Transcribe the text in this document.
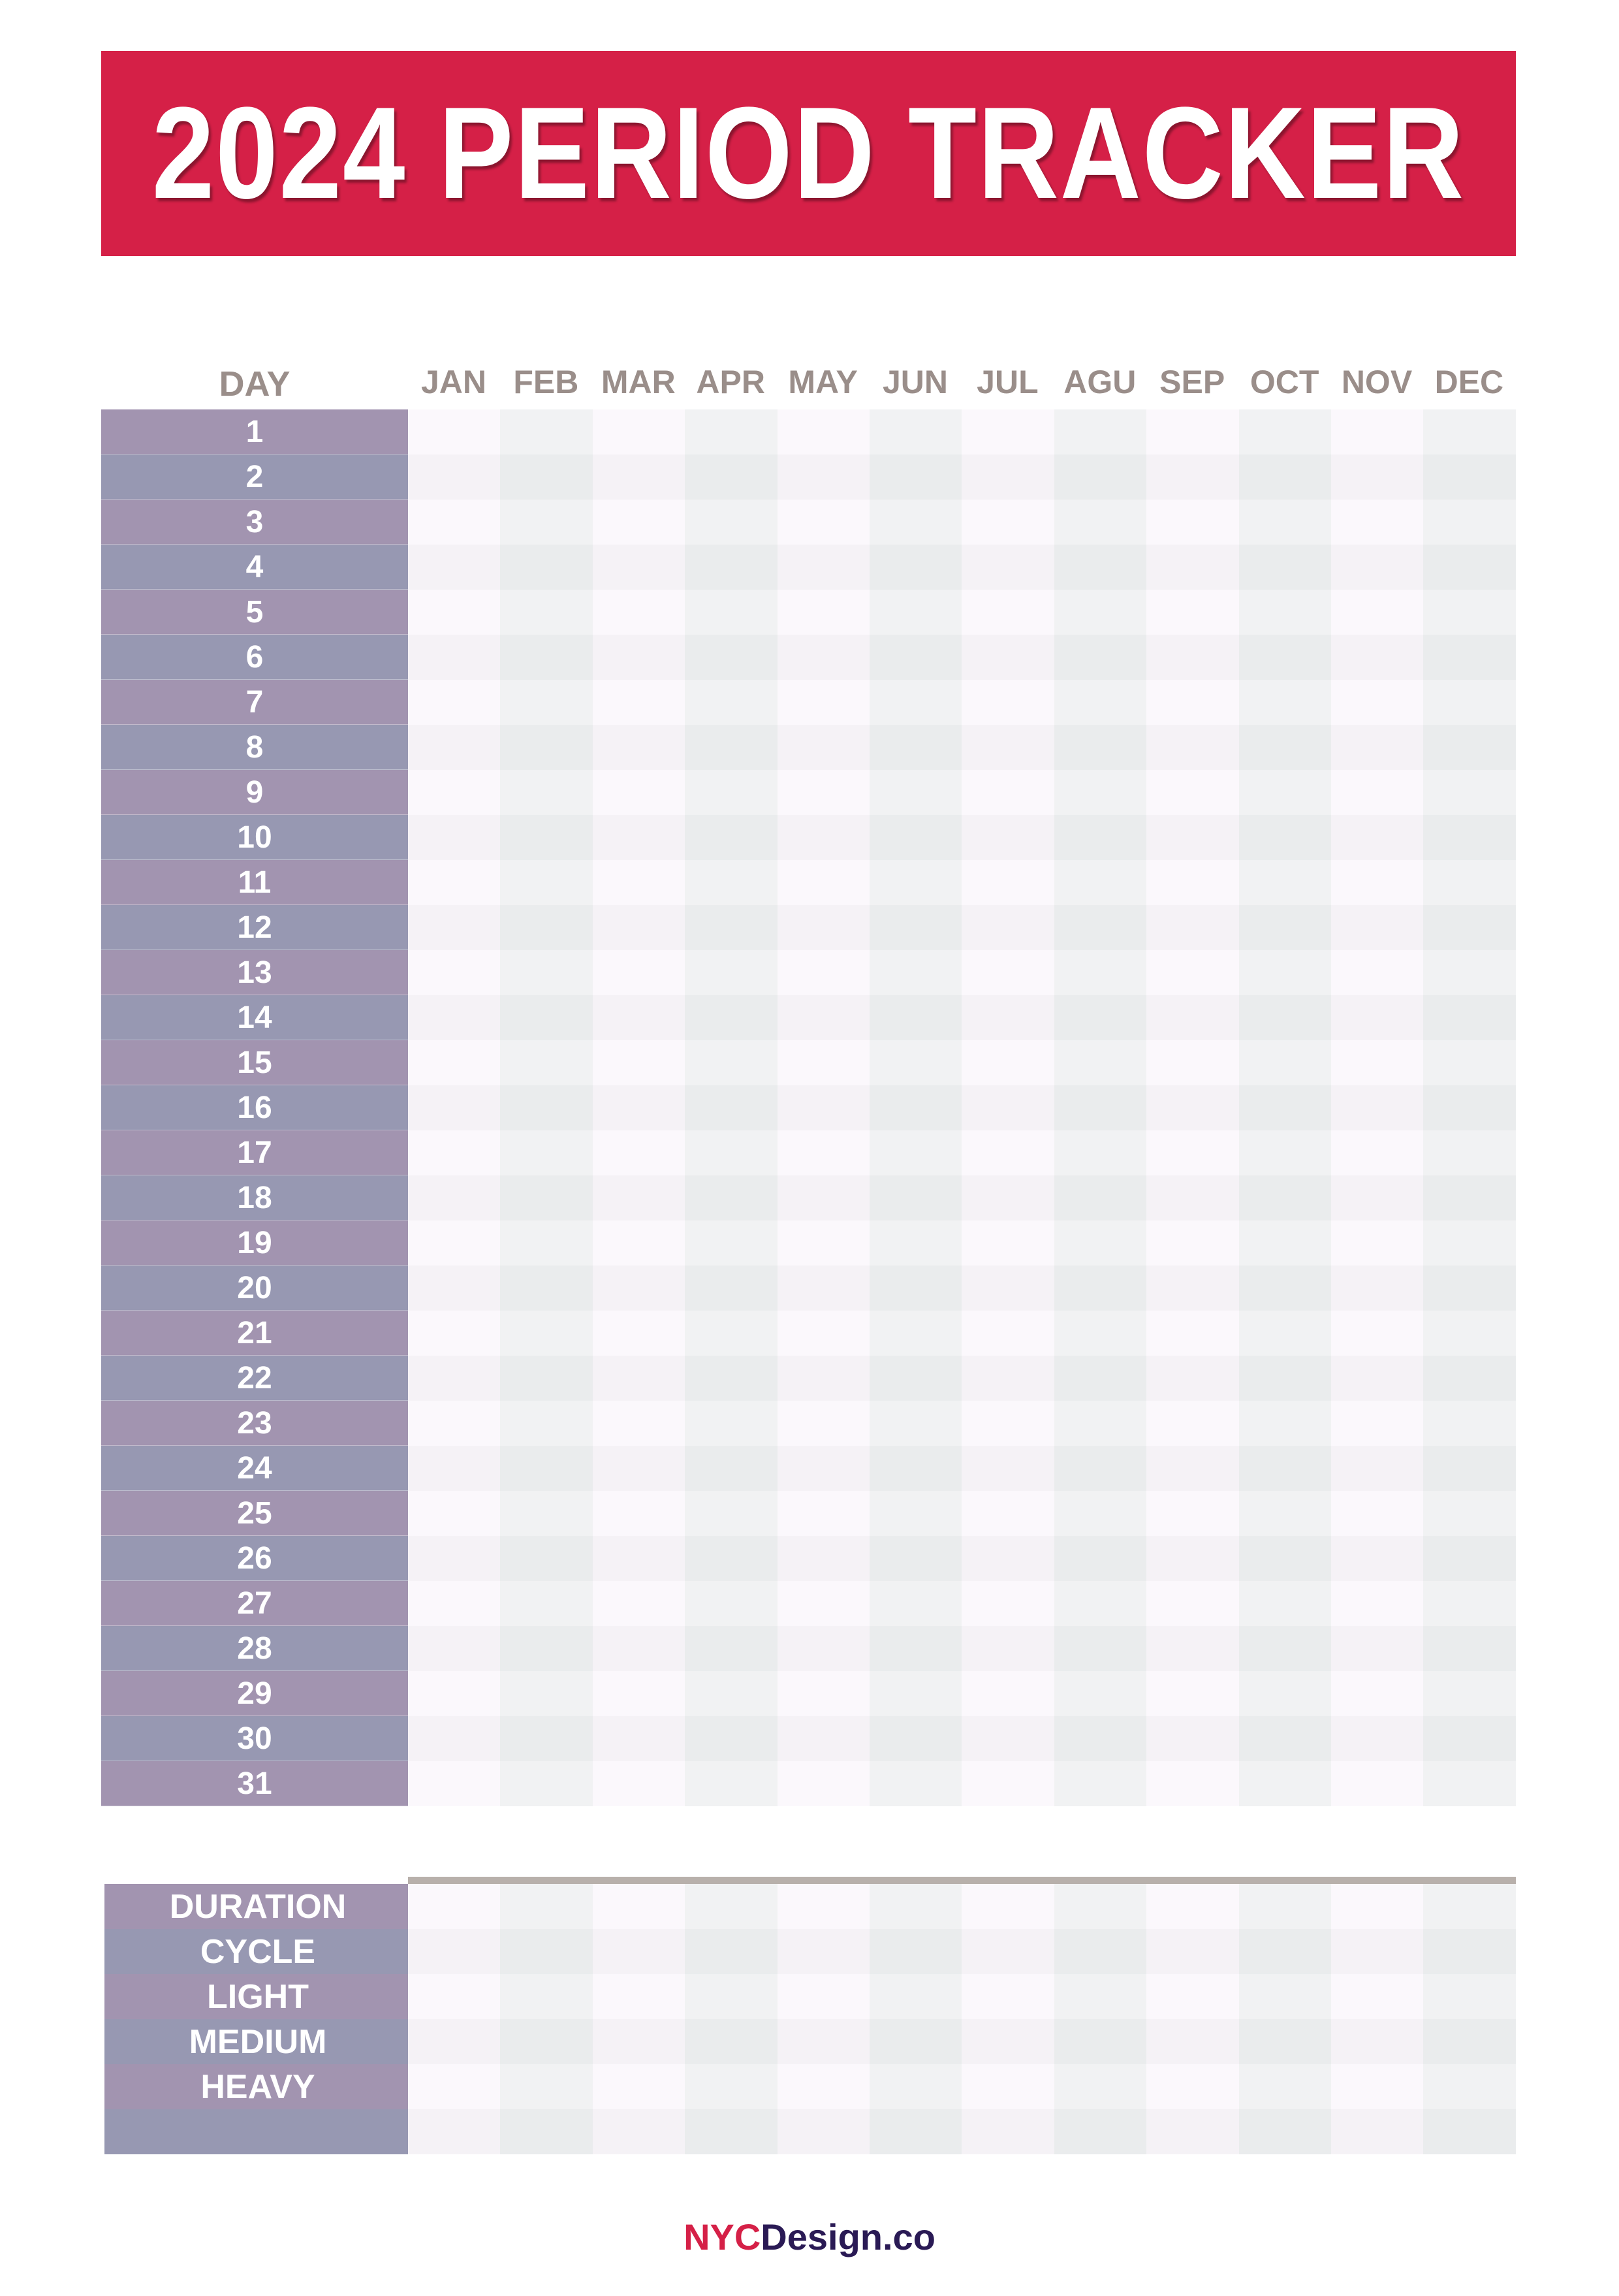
2024 PERIOD TRACKER
DAY	JAN FEB MAR APR MAY JUN JUL AGU SEP OCT NOV DEC
1
2
3
4
5
6
7
8
9
10
11
12
13
14
15
16
17
18
19
20
21
22
23
24
25
26
27
28
29
30
31
DURATION
CYCLE
LIGHT
MEDIUM
HEAVY
NYC Design.co
